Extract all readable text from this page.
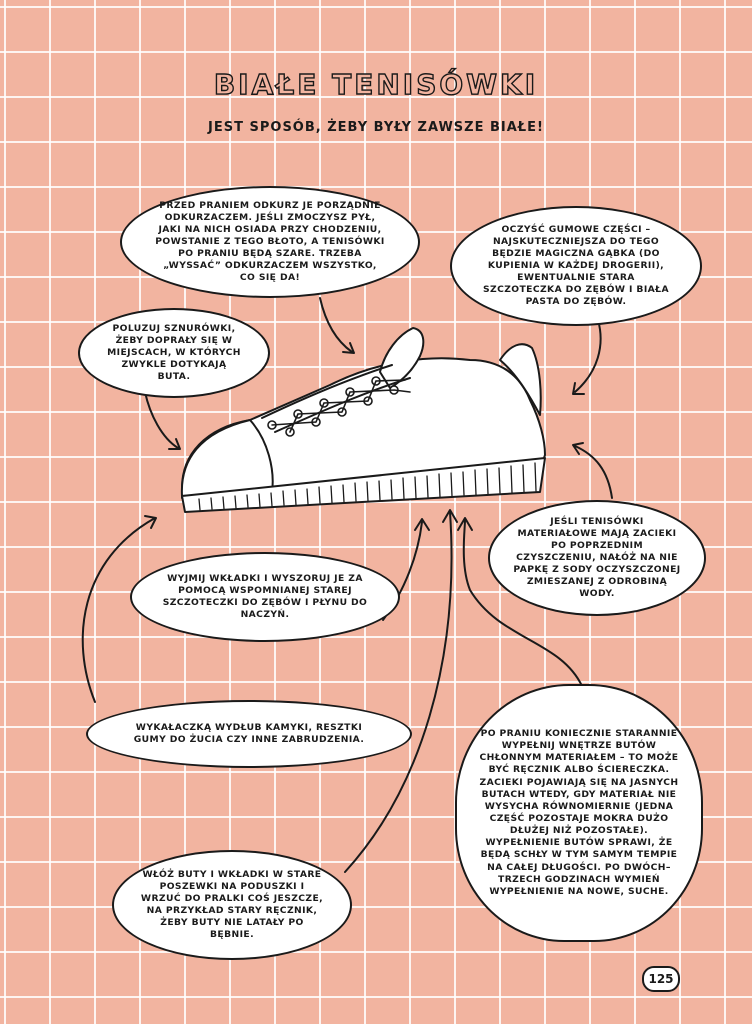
BIAŁE TENISÓWKI
JEST SPOSÓB, ŻEBY BYŁY ZAWSZE BIAŁE!
PRZED PRANIEM ODKURZ JE PORZĄDNIE ODKURZACZEM. JEŚLI ZMOCZYSZ PYŁ, JAKI NA NICH OSIADA PRZY CHODZENIU, POWSTANIE Z TEGO BŁOTO, A TENISÓWKI PO PRANIU BĘDĄ SZARE. TRZEBA „WYSSAĆ” ODKURZACZEM WSZYSTKO, CO SIĘ DA!
OCZYŚĆ GUMOWE CZĘŚCI – NAJSKUTECZNIEJSZA DO TEGO BĘDZIE MAGICZNA GĄBKA (DO KUPIENIA W KAŻDEJ DROGERII), EWENTUALNIE STARA SZCZOTECZKA DO ZĘBÓW I BIAŁA PASTA DO ZĘBÓW.
POLUZUJ SZNURÓWKI, ŻEBY DOPRAŁY SIĘ W MIEJSCACH, W KTÓRYCH ZWYKLE DOTYKAJĄ BUTA.
JEŚLI TENISÓWKI MATERIAŁOWE MAJĄ ZACIEKI PO POPRZEDNIM CZYSZCZENIU, NAŁÓŻ NA NIE PAPKĘ Z SODY OCZYSZCZONEJ ZMIESZANEJ Z ODROBINĄ WODY.
WYJMIJ WKŁADKI I WYSZORUJ JE ZA POMOCĄ WSPOMNIANEJ STAREJ SZCZOTECZKI DO ZĘBÓW I PŁYNU DO NACZYŃ.
WYKAŁACZKĄ WYDŁUB KAMYKI, RESZTKI GUMY DO ŻUCIA CZY INNE ZABRUDZENIA.
PO PRANIU KONIECZNIE STARANNIE WYPEŁNIJ WNĘTRZE BUTÓW CHŁONNYM MATERIAŁEM – TO MOŻE BYĆ RĘCZNIK ALBO ŚCIERECZKA. ZACIEKI POJAWIAJĄ SIĘ NA JASNYCH BUTACH WTEDY, GDY MATERIAŁ NIE WYSYCHA RÓWNOMIERNIE (JEDNA CZĘŚĆ POZOSTAJE MOKRA DUŻO DŁUŻEJ NIŻ POZOSTAŁE). WYPEŁNIENIE BUTÓW SPRAWI, ŻE BĘDĄ SCHŁY W TYM SAMYM TEMPIE NA CAŁEJ DŁUGOŚCI. PO DWÓCH–TRZECH GODZINACH WYMIEŃ WYPEŁNIENIE NA NOWE, SUCHE.
WŁÓŻ BUTY I WKŁADKI W STARE POSZEWKI NA PODUSZKI I WRZUĆ DO PRALKI COŚ JESZCZE, NA PRZYKŁAD STARY RĘCZNIK, ŻEBY BUTY NIE LATAŁY PO BĘBNIE.
125
